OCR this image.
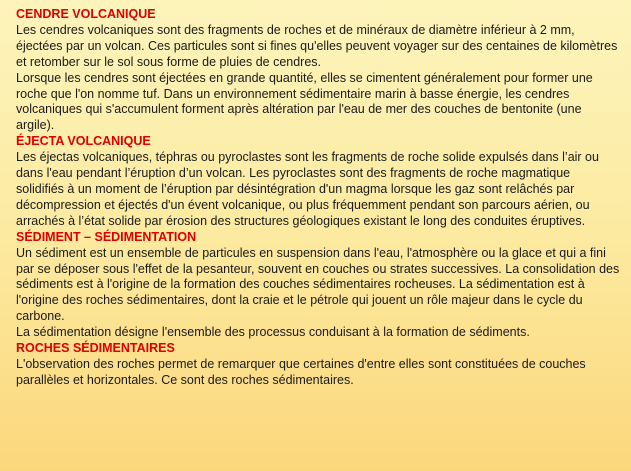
CENDRE VOLCANIQUE

Les cendres volcaniques sont des fragments de roches et de minéraux de diamètre inférieur à 2 mm, éjectées par un volcan. Ces particules sont si fines qu'elles peuvent voyager sur des centaines de kilomètres et retomber sur le sol sous forme de pluies de cendres.

Lorsque les cendres sont éjectées en grande quantité, elles se cimentent généralement pour former une roche que l'on nomme tuf. Dans un environnement sédimentaire marin à basse énergie, les cendres volcaniques qui s'accumulent forment après altération par l'eau de mer des couches de bentonite (une argile).

ÉJECTA VOLCANIQUE

Les éjectas volcaniques, téphras ou pyroclastes sont les fragments de roche solide expulsés dans l’air ou dans l'eau pendant l’éruption d’un volcan. Les pyroclastes sont des fragments de roche magmatique solidifiés à un moment de l’éruption par désintégration d'un magma lorsque les gaz sont relâchés par décompression et éjectés d'un évent volcanique, ou plus fréquemment pendant son parcours aérien, ou arrachés à l’état solide par érosion des structures géologiques existant le long des conduites éruptives.

SÉDIMENT – SÉDIMENTATION

Un sédiment est un ensemble de particules en suspension dans l'eau, l'atmosphère ou la glace et qui a fini par se déposer sous l'effet de la pesanteur, souvent en couches ou strates successives. La consolidation des sédiments est à l'origine de la formation des couches sédimentaires rocheuses. La sédimentation est à l'origine des roches sédimentaires, dont la craie et le pétrole qui jouent un rôle majeur dans le cycle du carbone.

La sédimentation désigne l'ensemble des processus conduisant à la formation de sédiments.

ROCHES SÉDIMENTAIRES

L'observation des roches permet de remarquer que certaines d'entre elles sont constituées de couches parallèles et horizontales. Ce sont des roches sédimentaires.
